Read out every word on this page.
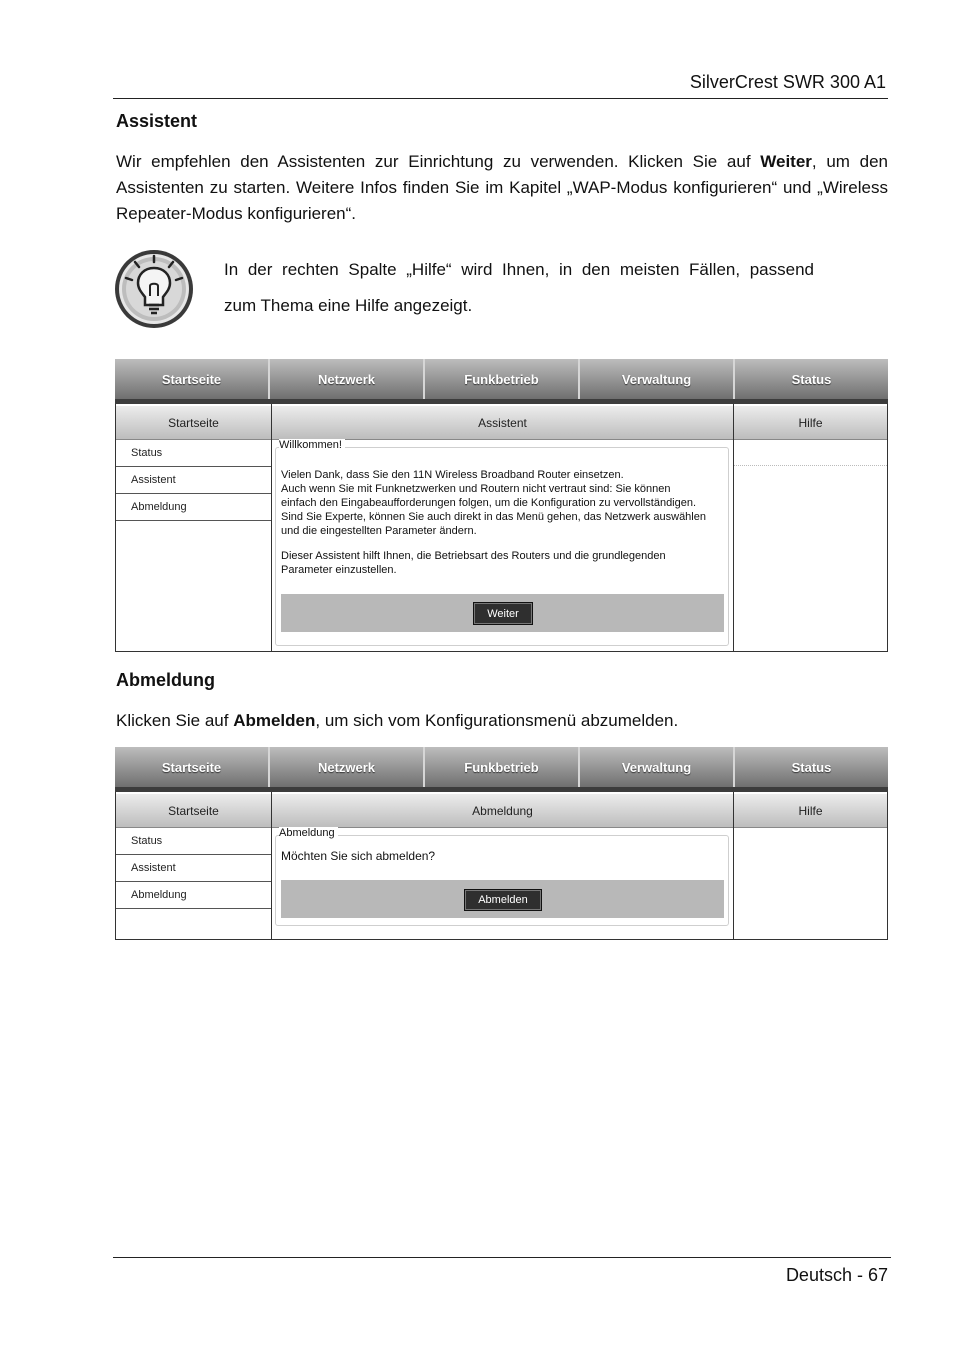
SilverCrest SWR 300 A1
Assistent
Wir empfehlen den Assistenten zur Einrichtung zu verwenden. Klicken Sie auf Weiter, um den Assistenten zu starten. Weitere Infos finden Sie im Kapitel „WAP-Modus konfigurieren“ und „Wireless Repeater-Modus konfigurieren“.
In der rechten Spalte „Hilfe“ wird Ihnen, in den meisten Fällen, passend
zum Thema eine Hilfe angezeigt.
Startseite	Netzwerk	Funkbetrieb	Verwaltung	Status
Startseite
Status
Assistent
Abmeldung
Assistent
Willkommen!
Vielen Dank, dass Sie den 11N Wireless Broadband Router einsetzen.
Auch wenn Sie mit Funknetzwerken und Routern nicht vertraut sind: Sie können
einfach den Eingabeaufforderungen folgen, um die Konfiguration zu vervollständigen.
Sind Sie Experte, können Sie auch direkt in das Menü gehen, das Netzwerk auswählen
und die eingestellten Parameter ändern.
Dieser Assistent hilft Ihnen, die Betriebsart des Routers und die grundlegenden
Parameter einzustellen.
Weiter
Hilfe
Abmeldung
Klicken Sie auf Abmelden, um sich vom Konfigurationsmenü abzumelden.
Startseite	Netzwerk	Funkbetrieb	Verwaltung	Status
Startseite
Status
Assistent
Abmeldung
Abmeldung
Abmeldung
Möchten Sie sich abmelden?
Abmelden
Hilfe
Deutsch - 67
